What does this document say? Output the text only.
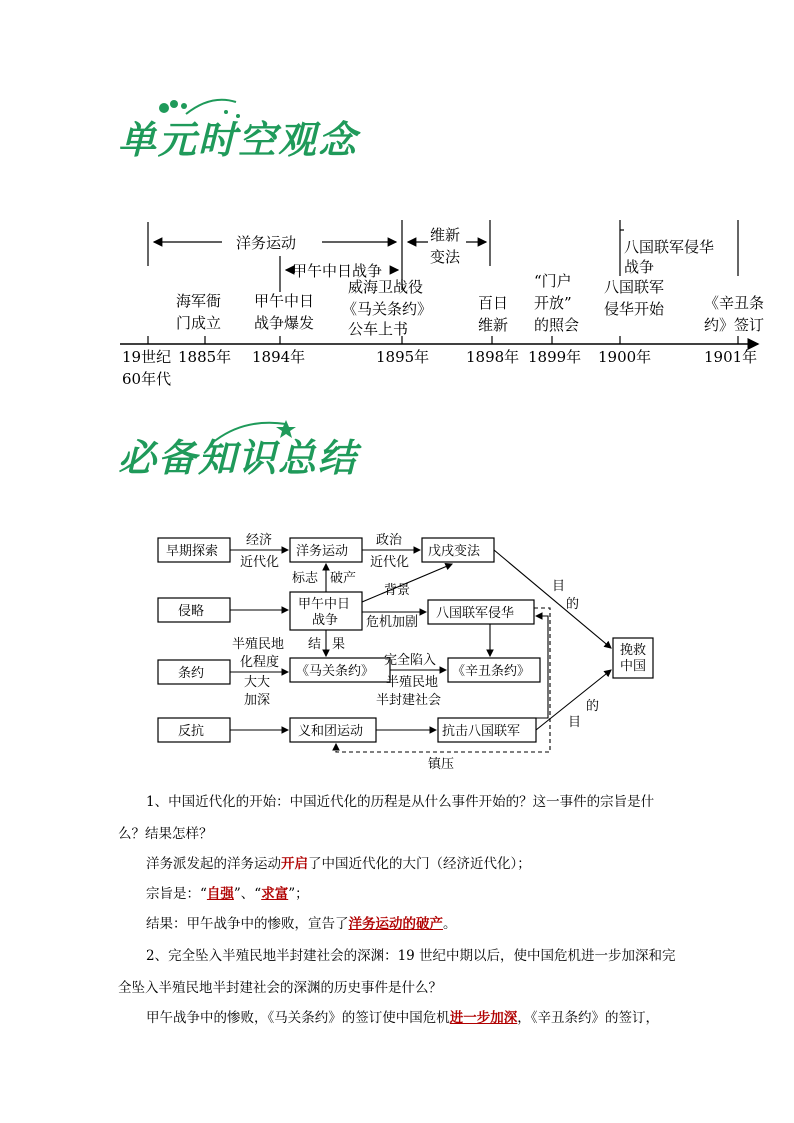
单元时空观念
洋务运动
甲午中日战争
维新
变法
八国联军侵华
战争
海军衙
门成立
甲午中日
战争爆发
威海卫战役
《马关条约》
公车上书
百日
维新
“门户
开放”
的照会
八国联军
侵华开始	《辛丑条
约》签订
19世纪
60年代
1885年 1894年	1895年 1898年 1899年 1900年	1901年
必备知识总结
早期探索
侵略
条约
反抗
洋务运动	戊戌变法
甲午中日
战争	八国联军侵华
《马关条约》	《辛丑条约》
义和团运动	抗击八国联军
挽救
中国
经济
近代化
政治
近代化
标志 破产
背景
危机加剧
结 果
半殖民地
化程度
大大
加深
完全陷入
半殖民地
半封建社会
镇压
目
的
的
目
1、中国近代化的开始：中国近代化的历程是从什么事件开始的？这一事件的宗旨是什么？结果怎样？
洋务派发起的洋务运动开启了中国近代化的大门（经济近代化）；
宗旨是：“自强”、“求富”；
结果：甲午战争中的惨败，宣告了洋务运动的破产。
2、完全坠入半殖民地半封建社会的深渊：19 世纪中期以后，使中国危机进一步加深和完全坠入半殖民地半封建社会的深渊的历史事件是什么？
甲午战争中的惨败，《马关条约》的签订使中国危机进一步加深，《辛丑条约》的签订，
